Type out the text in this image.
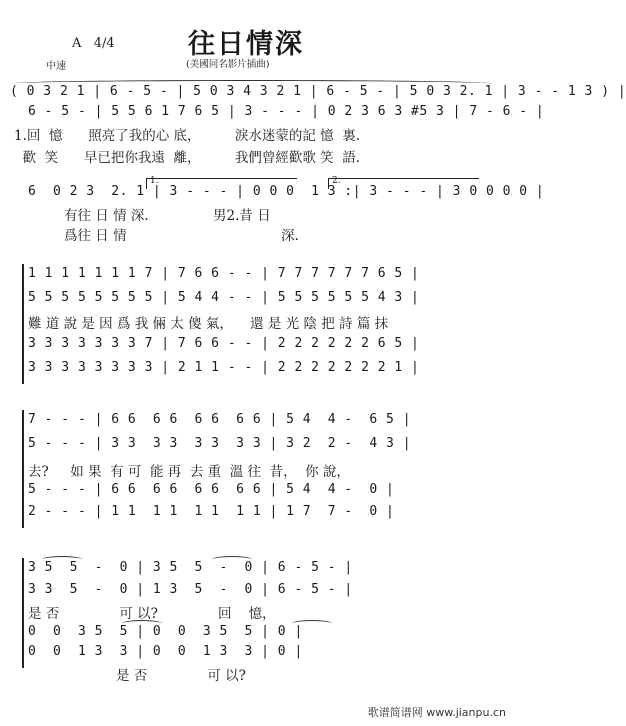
A   4/4	往日情深
中速	(美國同名影片插曲)
( 0 3 2 1 | 6 - 5 - | 5 0 3 4 3 2 1 | 6 - 5 - | 5 0 3 2. 1 | 3 - - 1 3 ) |
6 - 5 - | 5 5 6 1 7 6 5 | 3 - - - | 0 2 3 6 3 #5 3 | 7 - 6 - |
1.回  憶      照亮了我的心 底，        淚水迷蒙的記 憶  裏.
歡  笑      早已把你我遠  離，        我們曾經歡歌 笑  語.
1.	2.
6  0 2 3  2. 1 | 3 - - - | 0 0 0  1 3 :| 3 - - - | 3 0 0 0 0 |
有往 日 情 深.               男2.昔 日
爲往 日 情                                    深.
1 1 1 1 1 1 1 7 | 7 6 6 - - | 7 7 7 7 7 7 6 5 |
5 5 5 5 5 5 5 5 | 5 4 4 - - | 5 5 5 5 5 5 4 3 |
難 道 說 是 因 爲 我 倆 太 傻 氣，    還 是 光 陰 把 詩 篇 抹
3 3 3 3 3 3 3 7 | 7 6 6 - - | 2 2 2 2 2 2 6 5 |
3 3 3 3 3 3 3 3 | 2 1 1 - - | 2 2 2 2 2 2 2 1 |
7 - - - | 6 6  6 6  6 6  6 6 | 5 4  4 -  6 5 |
5 - - - | 3 3  3 3  3 3  3 3 | 3 2  2 -  4 3 |
去?     如 果  有 可  能 再  去 重  溫 往  昔，  你 說，
5 - - - | 6 6  6 6  6 6  6 6 | 5 4  4 -  0 |
2 - - - | 1 1  1 1  1 1  1 1 | 1 7  7 -  0 |
3 5  5  -  0 | 3 5  5  -  0 | 6 - 5 - |
3 3  5  -  0 | 1 3  5  -  0 | 6 - 5 - |
是 否              可 以?              回    憶，
0  0  3 5  5 | 0  0  3 5  5 | 0 |
0  0  1 3  3 | 0  0  1 3  3 | 0 |
是 否              可 以?
歌谱简谱网 www.jianpu.cn
